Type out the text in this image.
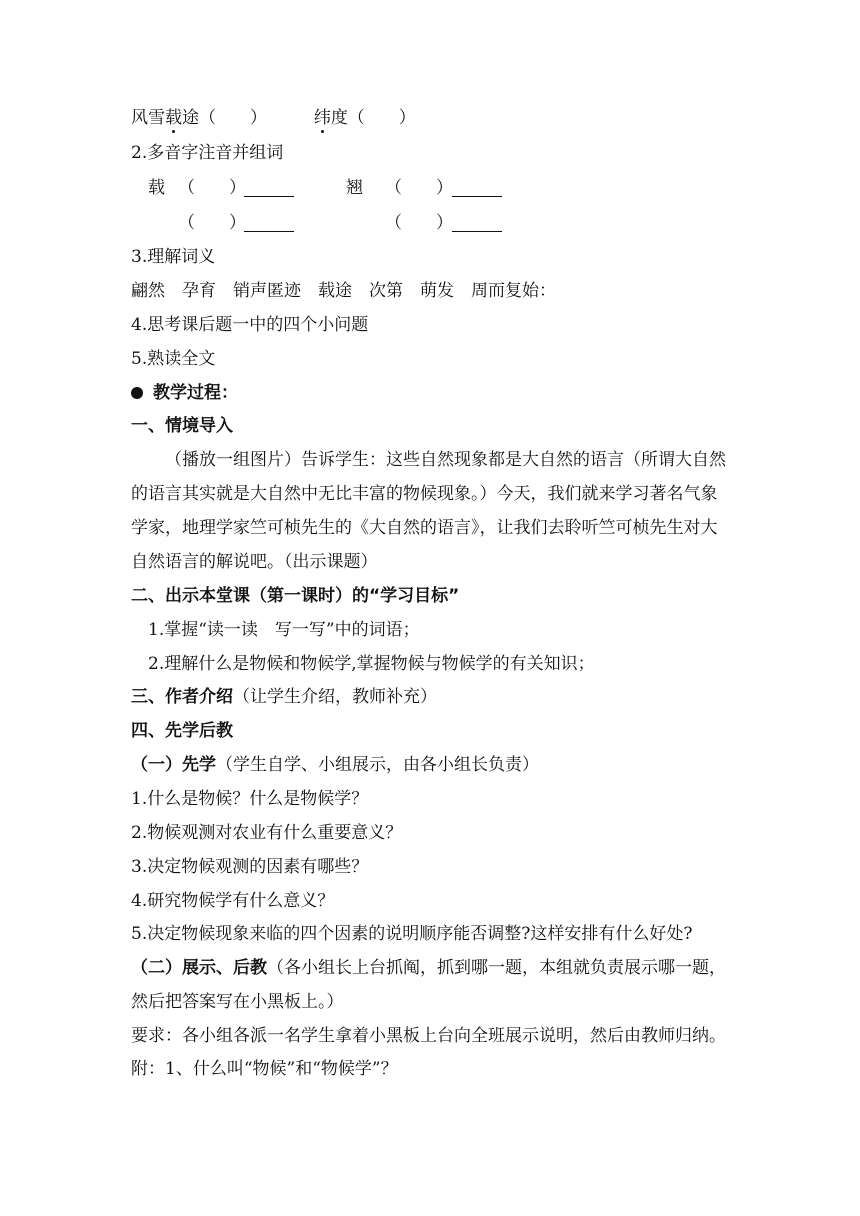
风雪载途（　　）	纬度（　　）
2.多音字注音并组词
载 （　　）	翘 （　　）
（　　）	（　　）
3.理解词义
翩然　孕育　销声匿迹　载途　次第　萌发　周而复始：
4.思考课后题一中的四个小问题
5.熟读全文
教学过程：
一、情境导入
（播放一组图片）告诉学生：这些自然现象都是大自然的语言（所谓大自然
的语言其实就是大自然中无比丰富的物候现象。）今天，我们就来学习著名气象
学家，地理学家竺可桢先生的《大自然的语言》，让我们去聆听竺可桢先生对大
自然语言的解说吧。（出示课题）
二、出示本堂课（第一课时）的“学习目标”
1.掌握“读一读　写一写”中的词语；
2.理解什么是物候和物候学,掌握物候与物候学的有关知识；
三、作者介绍（让学生介绍，教师补充）
四、先学后教
（一）先学（学生自学、小组展示，由各小组长负责）
1.什么是物候？什么是物候学？
2.物候观测对农业有什么重要意义？
3.决定物候观测的因素有哪些？
4.研究物候学有什么意义？
5.决定物候现象来临的四个因素的说明顺序能否调整?这样安排有什么好处?
（二）展示、后教（各小组长上台抓阄，抓到哪一题，本组就负责展示哪一题，
然后把答案写在小黑板上。）
要求：各小组各派一名学生拿着小黑板上台向全班展示说明，然后由教师归纳。
附：1、什么叫“物候”和“物候学”？
